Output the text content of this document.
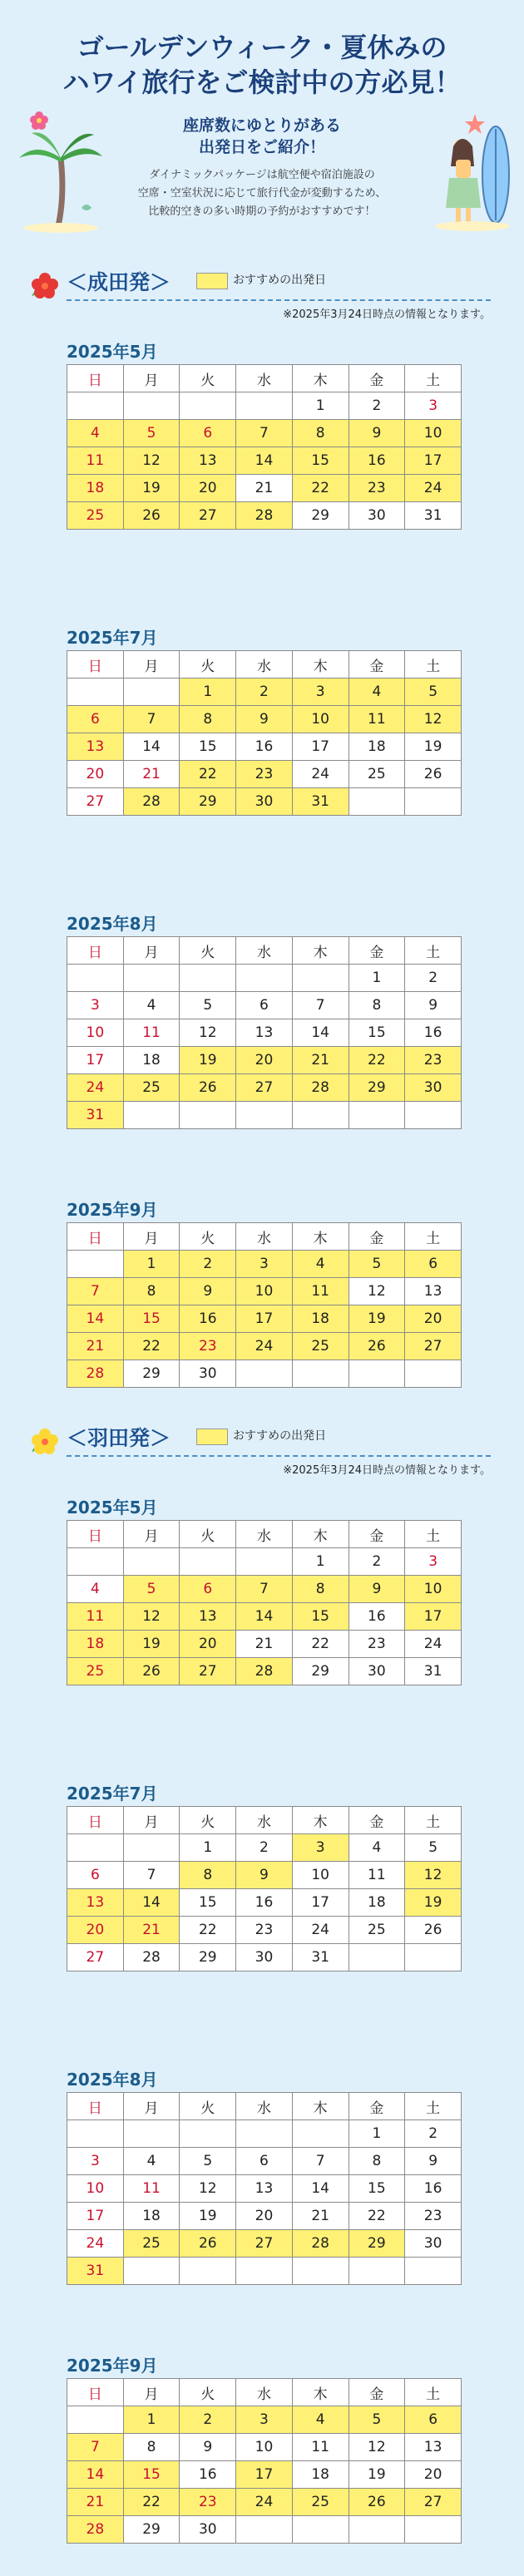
ゴールデンウィーク・夏休みの
ハワイ旅行をご検討中の方必見！
座席数にゆとりがある
出発日をご紹介！
ダイナミックパッケージは航空便や宿泊施設の
空席・空室状況に応じて旅行代金が変動するため、
比較的空きの多い時期の予約がおすすめです！
＜成田発＞	おすすめの出発日
※2025年3月24日時点の情報となります。
2025年5月
日	月	火	水	木	金	土
				1	2	3
4	5	6	7	8	9	10
11	12	13	14	15	16	17
18	19	20	21	22	23	24
25	26	27	28	29	30	31
2025年7月
日	月	火	水	木	金	土
		1	2	3	4	5
6	7	8	9	10	11	12
13	14	15	16	17	18	19
20	21	22	23	24	25	26
27	28	29	30	31		
2025年8月
日	月	火	水	木	金	土
					1	2
3	4	5	6	7	8	9
10	11	12	13	14	15	16
17	18	19	20	21	22	23
24	25	26	27	28	29	30
31						
2025年9月
日	月	火	水	木	金	土
	1	2	3	4	5	6
7	8	9	10	11	12	13
14	15	16	17	18	19	20
21	22	23	24	25	26	27
28	29	30				
＜羽田発＞	おすすめの出発日
※2025年3月24日時点の情報となります。
2025年5月
日	月	火	水	木	金	土
				1	2	3
4	5	6	7	8	9	10
11	12	13	14	15	16	17
18	19	20	21	22	23	24
25	26	27	28	29	30	31
2025年7月
日	月	火	水	木	金	土
		1	2	3	4	5
6	7	8	9	10	11	12
13	14	15	16	17	18	19
20	21	22	23	24	25	26
27	28	29	30	31		
2025年8月
日	月	火	水	木	金	土
					1	2
3	4	5	6	7	8	9
10	11	12	13	14	15	16
17	18	19	20	21	22	23
24	25	26	27	28	29	30
31						
2025年9月
日	月	火	水	木	金	土
	1	2	3	4	5	6
7	8	9	10	11	12	13
14	15	16	17	18	19	20
21	22	23	24	25	26	27
28	29	30				
